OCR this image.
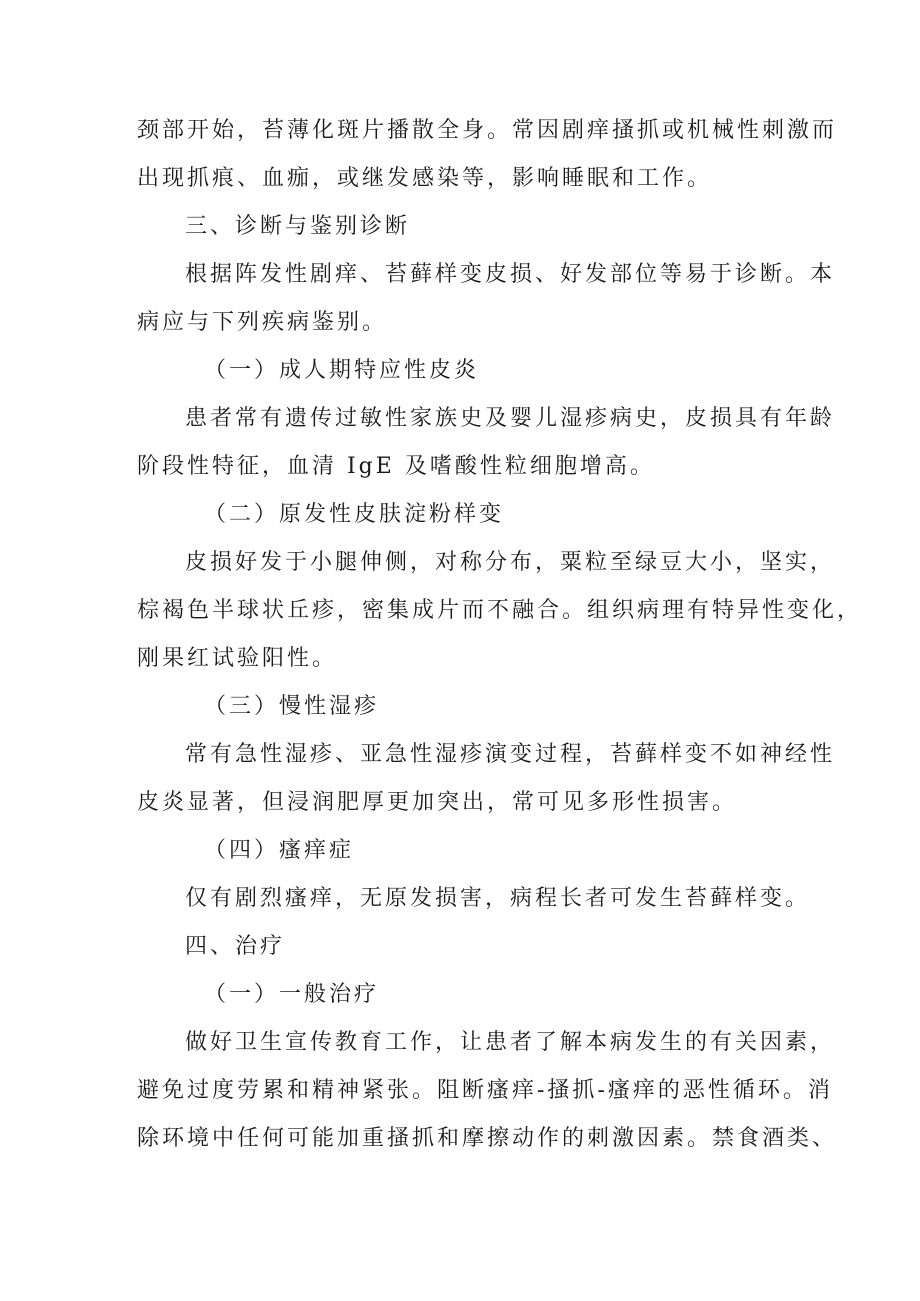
颈部开始，苔薄化斑片播散全身。常因剧痒搔抓或机械性刺激而
出现抓痕、血痂，或继发感染等，影响睡眠和工作。

三、诊断与鉴别诊断

根据阵发性剧痒、苔藓样变皮损、好发部位等易于诊断。本
病应与下列疾病鉴别。

（一）成人期特应性皮炎

患者常有遗传过敏性家族史及婴儿湿疹病史，皮损具有年龄
阶段性特征，血清 IgE 及嗜酸性粒细胞增高。

（二）原发性皮肤淀粉样变

皮损好发于小腿伸侧，对称分布，粟粒至绿豆大小，坚实，
棕褐色半球状丘疹，密集成片而不融合。组织病理有特异性变化，
刚果红试验阳性。

（三）慢性湿疹

常有急性湿疹、亚急性湿疹演变过程，苔藓样变不如神经性
皮炎显著，但浸润肥厚更加突出，常可见多形性损害。

（四）瘙痒症

仅有剧烈瘙痒，无原发损害，病程长者可发生苔藓样变。

四、治疗

（一）一般治疗

做好卫生宣传教育工作，让患者了解本病发生的有关因素，
避免过度劳累和精神紧张。阻断瘙痒-搔抓-瘙痒的恶性循环。消
除环境中任何可能加重搔抓和摩擦动作的刺激因素。禁食酒类、
